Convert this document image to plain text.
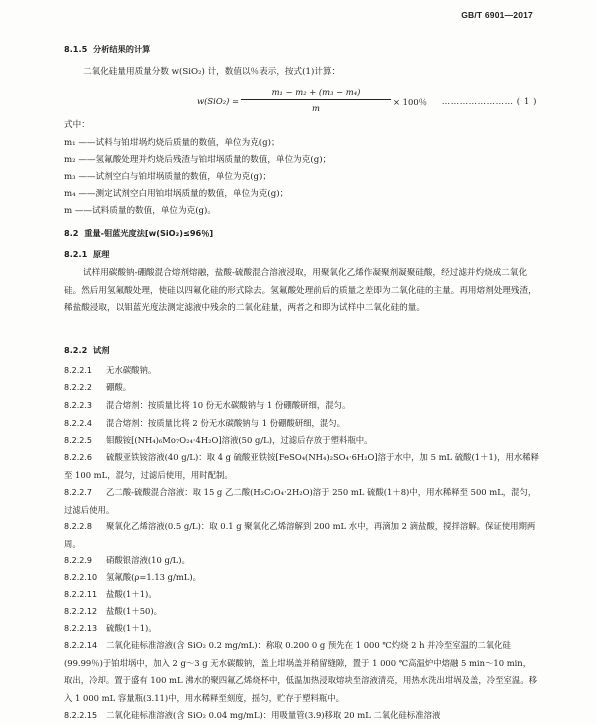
GB/T 6901—2017
8.1.5 分析结果的计算
二氧化硅量用质量分数 w(SiO₂) 计，数值以％表示，按式(1)计算：
$w(SiO_2) = \frac{\text{m₁ − m₂ + (m₃ − m₄)}}{m} \times 100$％	…………………… ( 1 )
式中：
m₁ ——试料与铂坩埚灼烧后质量的数值，单位为克(g)；
m₂ ——氢氟酸处理并灼烧后残渣与铂坩埚质量的数值，单位为克(g)；
m₃ ——试剂空白与铂坩埚质量的数值，单位为克(g)；
m₄ ——测定试剂空白用铂坩埚质量的数值，单位为克(g)；
m ——试料质量的数值，单位为克(g)。
8.2 重量-钼蓝光度法[w(SiO₂)≤96％]
8.2.1 原理
试样用碳酸钠-硼酸混合熔剂熔融，盐酸-硫酸混合溶液浸取，用聚氧化乙烯作凝聚剂凝聚硅酸，经过滤并灼烧成二氧化硅。然后用氢氟酸处理，使硅以四氟化硅的形式除去。氢氟酸处理前后的质量之差即为二氧化硅的主量。再用熔剂处理残渣，稀盐酸浸取，以钼蓝光度法测定滤液中残余的二氧化硅量，两者之和即为试样中二氧化硅的量。
8.2.2 试剂
8.2.2.1 无水碳酸钠。
8.2.2.2 硼酸。
8.2.2.3 混合熔剂：按质量比将 10 份无水碳酸钠与 1 份硼酸研细，混匀。
8.2.2.4 混合熔剂：按质量比将 2 份无水碳酸钠与 1 份硼酸研细，混匀。
8.2.2.5 钼酸铵[(NH₄)₆Mo₇O₂₄·4H₂O]溶液(50 g/L)，过滤后存放于塑料瓶中。
8.2.2.6 硫酸亚铁铵溶液(40 g/L)：取 4 g 硫酸亚铁铵[FeSO₄(NH₄)₂SO₄·6H₂O]溶于水中，加 5 mL 硫酸(1＋1)，用水稀释至 100 mL，混匀，过滤后使用，用时配制。
8.2.2.7 乙二酸-硫酸混合溶液：取 15 g 乙二酸(H₂C₂O₄·2H₂O)溶于 250 mL 硫酸(1＋8)中，用水稀释至 500 mL，混匀，过滤后使用。
8.2.2.8 聚氧化乙烯溶液(0.5 g/L)：取 0.1 g 聚氧化乙烯溶解到 200 mL 水中，再滴加 2 滴盐酸，搅拌溶解。保证使用期两周。
8.2.2.9 硝酸银溶液(10 g/L)。
8.2.2.10 氢氟酸(ρ=1.13 g/mL)。
8.2.2.11 盐酸(1＋1)。
8.2.2.12 盐酸(1＋50)。
8.2.2.13 硫酸(1＋1)。
8.2.2.14 二氧化硅标准溶液(含 SiO₂ 0.2 mg/mL)：称取 0.200 0 g 预先在 1 000 ℃灼烧 2 h 并冷至室温的二氧化硅(99.99％)于铂坩埚中，加入 2 g～3 g 无水碳酸钠，盖上坩埚盖并稍留缝隙，置于 1 000 ℃高温炉中熔融 5 min～10 min，取出，冷却。置于盛有 100 mL 沸水的聚四氟乙烯烧杯中，低温加热浸取熔块至溶液清亮，用热水洗出坩埚及盖，冷至室温。移入 1 000 mL 容量瓶(3.11)中，用水稀释至刻度，摇匀，贮存于塑料瓶中。
8.2.2.15 二氧化硅标准溶液(含 SiO₂ 0.04 mg/mL)：用吸量管(3.9)移取 20 mL 二氧化硅标准溶液
